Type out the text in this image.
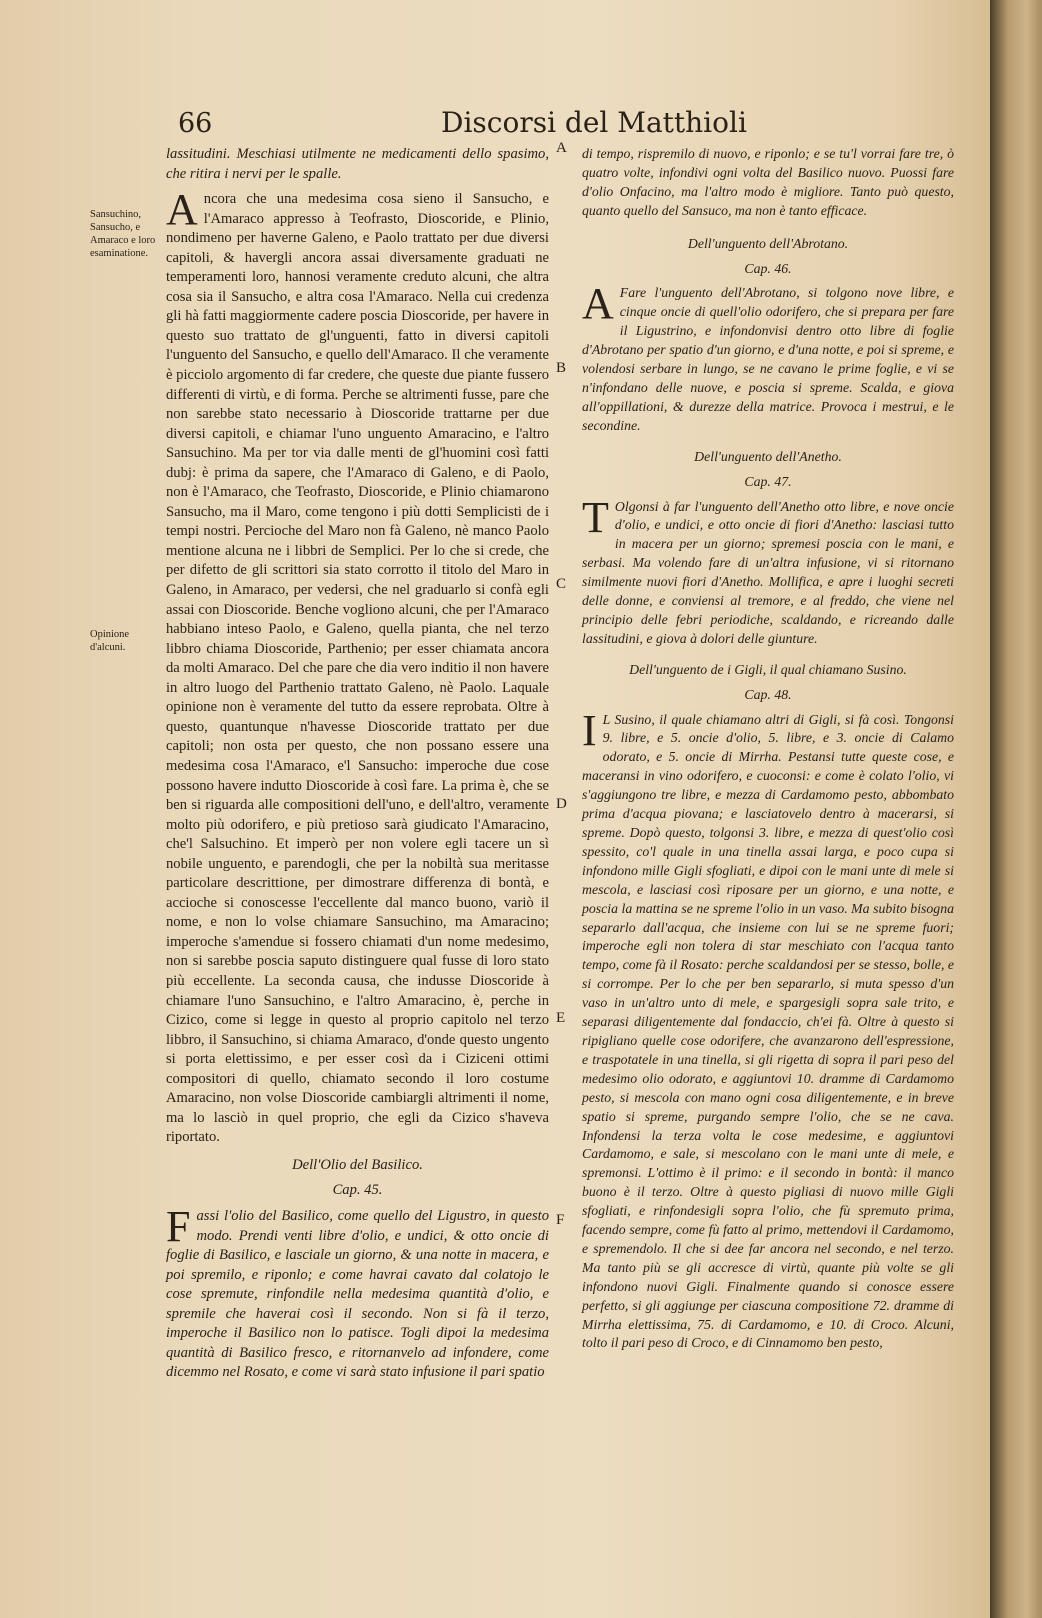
66	Discorsi del Matthioli
Sansuchino, Sansucho, e Amaraco e loro esaminatione.
Opinione d'alcuni.
A
B
C
D
E
F

lassitudini. Meschiasi utilmente ne medicamenti dello spasimo, che ritira i nervi per le spalle.

Ancora che una medesima cosa sieno il Sansucho, e l'Amaraco appresso à Teofrasto, Dioscoride, e Plinio, nondimeno per haverne Galeno, e Paolo trattato per due diversi capitoli, & havergli ancora assai diversamente graduati ne temperamenti loro, hannosi veramente creduto alcuni, che altra cosa sia il Sansucho, e altra cosa l'Amaraco. Nella cui credenza gli hà fatti maggiormente cadere poscia Dioscoride, per havere in questo suo trattato de gl'unguenti, fatto in diversi capitoli l'unguento del Sansucho, e quello dell'Amaraco. Il che veramente è picciolo argomento di far credere, che queste due piante fussero differenti di virtù, e di forma. Perche se altrimenti fusse, pare che non sarebbe stato necessario à Dioscoride trattarne per due diversi capitoli, e chiamar l'uno unguento Amaracino, e l'altro Sansuchino. Ma per tor via dalle menti de gl'huomini così fatti dubj: è prima da sapere, che l'Amaraco di Galeno, e di Paolo, non è l'Amaraco, che Teofrasto, Dioscoride, e Plinio chiamarono Sansucho, ma il Maro, come tengono i più dotti Semplicisti de i tempi nostri. Percioche del Maro non fà Galeno, nè manco Paolo mentione alcuna ne i libbri de Semplici. Per lo che si crede, che per difetto de gli scrittori sia stato corrotto il titolo del Maro in Galeno, in Amaraco, per vedersi, che nel graduarlo si confà egli assai con Dioscoride. Benche vogliono alcuni, che per l'Amaraco habbiano inteso Paolo, e Galeno, quella pianta, che nel terzo libbro chiama Dioscoride, Parthenio; per esser chiamata ancora da molti Amaraco. Del che pare che dia vero inditio il non havere in altro luogo del Parthenio trattato Galeno, nè Paolo. Laquale opinione non è veramente del tutto da essere reprobata. Oltre à questo, quantunque n'havesse Dioscoride trattato per due capitoli; non osta per questo, che non possano essere una medesima cosa l'Amaraco, e'l Sansucho: imperoche due cose possono havere indutto Dioscoride à così fare. La prima è, che se ben si riguarda alle compositioni dell'uno, e dell'altro, veramente molto più odorifero, e più pretioso sarà giudicato l'Amaracino, che'l Salsuchino. Et imperò per non volere egli tacere un sì nobile unguento, e parendogli, che per la nobiltà sua meritasse particolare descrittione, per dimostrare differenza di bontà, e accioche si conoscesse l'eccellente dal manco buono, variò il nome, e non lo volse chiamare Sansuchino, ma Amaracino; imperoche s'amendue si fossero chiamati d'un nome medesimo, non si sarebbe poscia saputo distinguere qual fusse di loro stato più eccellente. La seconda causa, che indusse Dioscoride à chiamare l'uno Sansuchino, e l'altro Amaracino, è, perche in Cizico, come si legge in questo al proprio capitolo nel terzo libbro, il Sansuchino, si chiama Amaraco, d'onde questo ungento si porta elettissimo, e per esser così da i Ciziceni ottimi compositori di quello, chiamato secondo il loro costume Amaracino, non volse Dioscoride cambiargli altrimenti il nome, ma lo lasciò in quel proprio, che egli da Cizico s'haveva riportato.

Dell'Olio del Basilico.
Cap. 45.

Fassi l'olio del Basilico, come quello del Ligustro, in questo modo. Prendi venti libre d'olio, e undici, & otto oncie di foglie di Basilico, e lasciale un giorno, & una notte in macera, e poi spremilo, e riponlo; e come havrai cavato dal colatojo le cose spremute, rinfondile nella medesima quantità d'olio, e spremile che haverai così il secondo. Non si fà il terzo, imperoche il Basilico non lo patisce. Togli dipoi la medesima quantità di Basilico fresco, e ritornanvelo ad infondere, come dicemmo nel Rosato, e come vi sarà stato infusione il pari spatio

di tempo, rispremilo di nuovo, e riponlo; e se tu'l vorrai fare tre, ò quatro volte, infondivi ogni volta del Basilico nuovo. Puossi fare d'olio Onfacino, ma l'altro modo è migliore. Tanto può questo, quanto quello del Sansuco, ma non è tanto efficace.

Dell'unguento dell'Abrotano.
Cap. 46.

A Fare l'unguento dell'Abrotano, si tolgono nove libre, e cinque oncie di quell'olio odorifero, che si prepara per fare il Ligustrino, e infondonvisi dentro otto libre di foglie d'Abrotano per spatio d'un giorno, e d'una notte, e poi si spreme, e volendosi serbare in lungo, se ne cavano le prime foglie, e vi se n'infondano delle nuove, e poscia si spreme. Scalda, e giova all'oppillationi, & durezze della matrice. Provoca i mestrui, e le secondine.

Dell'unguento dell'Anetho.
Cap. 47.

T Olgonsi à far l'unguento dell'Anetho otto libre, e nove oncie d'olio, e undici, e otto oncie di fiori d'Anetho: lasciasi tutto in macera per un giorno; spremesi poscia con le mani, e serbasi. Ma volendo fare di un'altra infusione, vi si ritornano similmente nuovi fiori d'Anetho. Mollifica, e apre i luoghi secreti delle donne, e conviensi al tremore, e al freddo, che viene nel principio delle febri periodiche, scaldando, e ricreando dalle lassitudini, e giova à dolori delle giunture.

Dell'unguento de i Gigli, il qual chiamano Susino.
Cap. 48.

I L Susino, il quale chiamano altri di Gigli, si fà così. Tongonsi 9. libre, e 5. oncie d'olio, 5. libre, e 3. oncie di Calamo odorato, e 5. oncie di Mirrha. Pestansi tutte queste cose, e maceransi in vino odorifero, e cuoconsi: e come è colato l'olio, vi s'aggiungono tre libre, e mezza di Cardamomo pesto, abbombato prima d'acqua piovana; e lasciatovelo dentro à macerarsi, si spreme. Dopò questo, tolgonsi 3. libre, e mezza di quest'olio così spessito, co'l quale in una tinella assai larga, e poco cupa si infondono mille Gigli sfogliati, e dipoi con le mani unte di mele si mescola, e lasciasi così riposare per un giorno, e una notte, e poscia la mattina se ne spreme l'olio in un vaso. Ma subito bisogna separarlo dall'acqua, che insieme con lui se ne spreme fuori; imperoche egli non tolera di star meschiato con l'acqua tanto tempo, come fà il Rosato: perche scaldandosi per se stesso, bolle, e si corrompe. Per lo che per ben separarlo, si muta spesso d'un vaso in un'altro unto di mele, e spargesigli sopra sale trito, e separasi diligentemente dal fondaccio, ch'ei fà. Oltre à questo si ripigliano quelle cose odorifere, che avanzarono dell'espressione, e traspotatele in una tinella, si gli rigetta di sopra il pari peso del medesimo olio odorato, e aggiuntovi 10. dramme di Cardamomo pesto, si mescola con mano ogni cosa diligentemente, e in breve spatio si spreme, purgando sempre l'olio, che se ne cava. Infondensi la terza volta le cose medesime, e aggiuntovi Cardamomo, e sale, si mescolano con le mani unte di mele, e spremonsi. L'ottimo è il primo: e il secondo in bontà: il manco buono è il terzo. Oltre à questo pigliasi di nuovo mille Gigli sfogliati, e rinfondesigli sopra l'olio, che fù spremuto prima, facendo sempre, come fù fatto al primo, mettendovi il Cardamomo, e spremendolo. Il che si dee far ancora nel secondo, e nel terzo. Ma tanto più se gli accresce di virtù, quante più volte se gli infondono nuovi Gigli. Finalmente quando si conosce essere perfetto, si gli aggiunge per ciascuna compositione 72. dramme di Mirrha elettissima, 75. di Cardamomo, e 10. di Croco. Alcuni, tolto il pari peso di Croco, e di Cinnamomo ben pesto,
